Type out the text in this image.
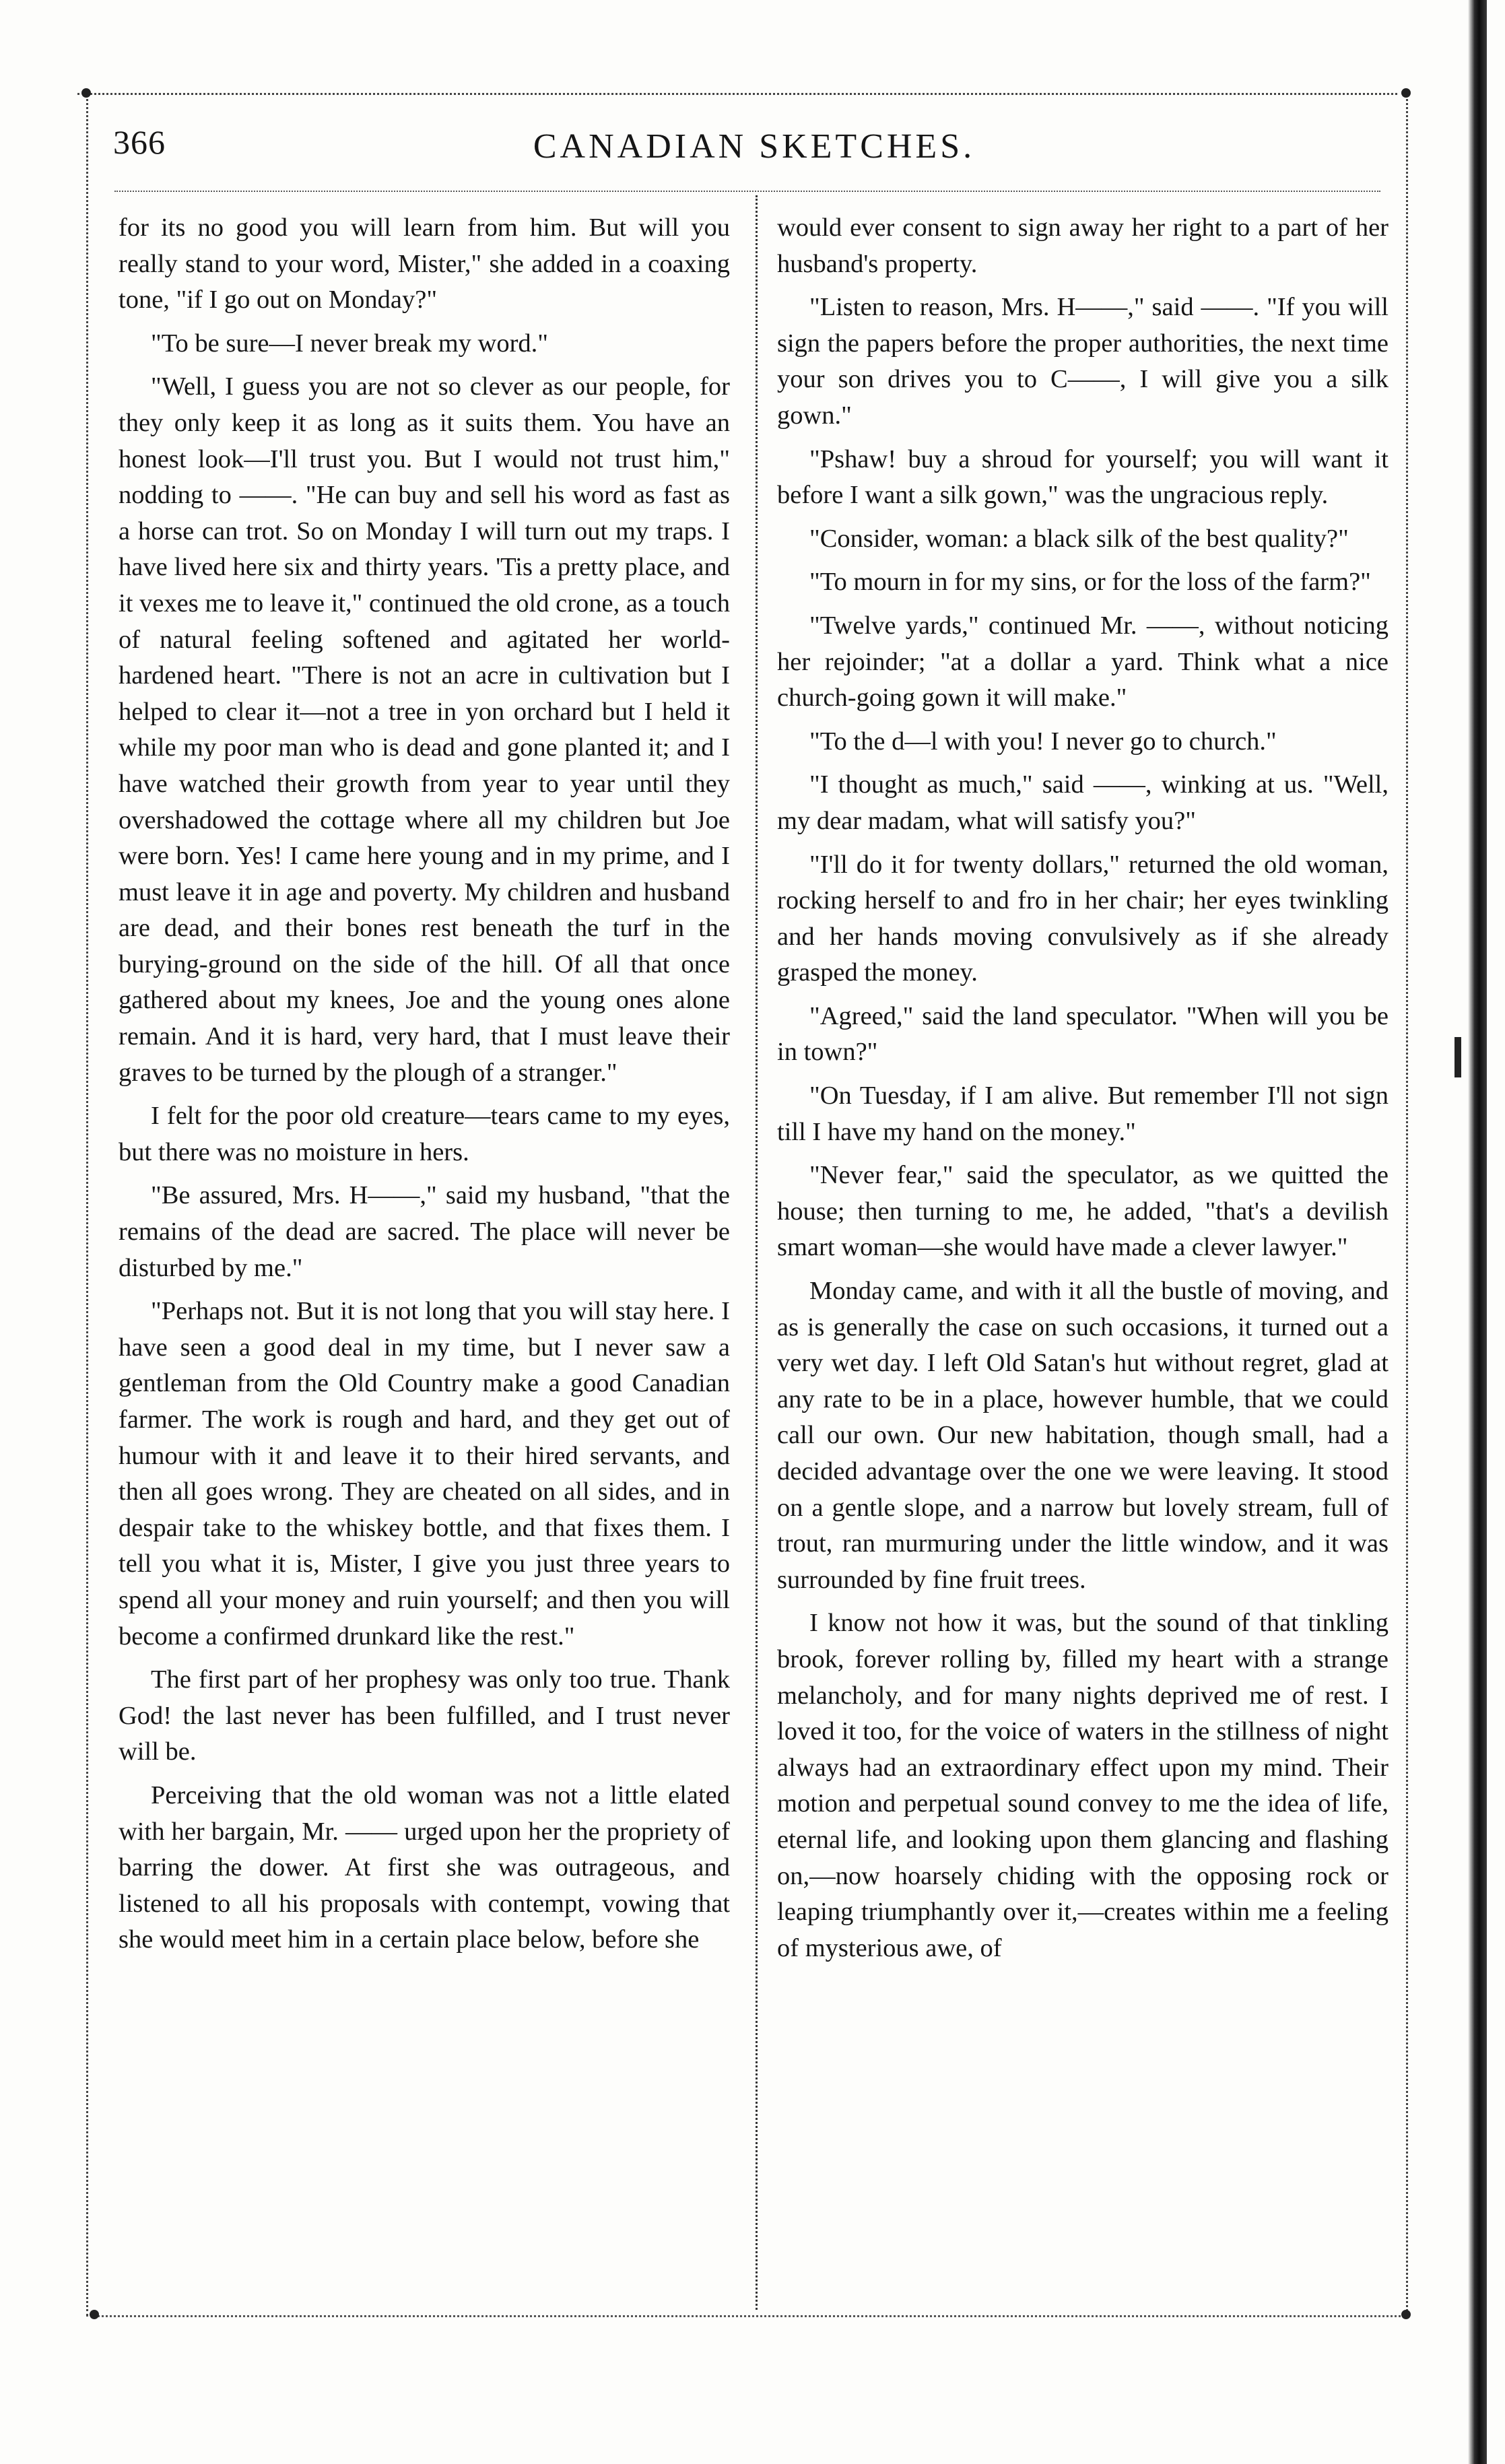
366	CANADIAN SKETCHES.

for its no good you will learn from him. But will you really stand to your word, Mister," she added in a coaxing tone, "if I go out on Monday?"

"To be sure—I never break my word."

"Well, I guess you are not so clever as our people, for they only keep it as long as it suits them. You have an honest look—I'll trust you. But I would not trust him," nodding to ——. "He can buy and sell his word as fast as a horse can trot. So on Monday I will turn out my traps. I have lived here six and thirty years. 'Tis a pretty place, and it vexes me to leave it," continued the old crone, as a touch of natural feeling softened and agitated her world-hardened heart. "There is not an acre in cultivation but I helped to clear it—not a tree in yon orchard but I held it while my poor man who is dead and gone planted it; and I have watched their growth from year to year until they overshadowed the cottage where all my children but Joe were born. Yes! I came here young and in my prime, and I must leave it in age and poverty. My children and husband are dead, and their bones rest beneath the turf in the burying-ground on the side of the hill. Of all that once gathered about my knees, Joe and the young ones alone remain. And it is hard, very hard, that I must leave their graves to be turned by the plough of a stranger."

I felt for the poor old creature—tears came to my eyes, but there was no moisture in hers.

"Be assured, Mrs. H——," said my husband, "that the remains of the dead are sacred. The place will never be disturbed by me."

"Perhaps not. But it is not long that you will stay here. I have seen a good deal in my time, but I never saw a gentleman from the Old Country make a good Canadian farmer. The work is rough and hard, and they get out of humour with it and leave it to their hired servants, and then all goes wrong. They are cheated on all sides, and in despair take to the whiskey bottle, and that fixes them. I tell you what it is, Mister, I give you just three years to spend all your money and ruin yourself; and then you will become a confirmed drunkard like the rest."

The first part of her prophesy was only too true. Thank God! the last never has been fulfilled, and I trust never will be.

Perceiving that the old woman was not a little elated with her bargain, Mr. —— urged upon her the propriety of barring the dower. At first she was outrageous, and listened to all his proposals with contempt, vowing that she would meet him in a certain place below, before she

would ever consent to sign away her right to a part of her husband's property.

"Listen to reason, Mrs. H——," said ——. "If you will sign the papers before the proper authorities, the next time your son drives you to C——, I will give you a silk gown."

"Pshaw! buy a shroud for yourself; you will want it before I want a silk gown," was the ungracious reply.

"Consider, woman: a black silk of the best quality?"

"To mourn in for my sins, or for the loss of the farm?"

"Twelve yards," continued Mr. ——, without noticing her rejoinder; "at a dollar a yard. Think what a nice church-going gown it will make."

"To the d—l with you! I never go to church."

"I thought as much," said ——, winking at us. "Well, my dear madam, what will satisfy you?"

"I'll do it for twenty dollars," returned the old woman, rocking herself to and fro in her chair; her eyes twinkling and her hands moving convulsively as if she already grasped the money.

"Agreed," said the land speculator. "When will you be in town?"

"On Tuesday, if I am alive. But remember I'll not sign till I have my hand on the money."

"Never fear," said the speculator, as we quitted the house; then turning to me, he added, "that's a devilish smart woman—she would have made a clever lawyer."

Monday came, and with it all the bustle of moving, and as is generally the case on such occasions, it turned out a very wet day. I left Old Satan's hut without regret, glad at any rate to be in a place, however humble, that we could call our own. Our new habitation, though small, had a decided advantage over the one we were leaving. It stood on a gentle slope, and a narrow but lovely stream, full of trout, ran murmuring under the little window, and it was surrounded by fine fruit trees.

I know not how it was, but the sound of that tinkling brook, forever rolling by, filled my heart with a strange melancholy, and for many nights deprived me of rest. I loved it too, for the voice of waters in the stillness of night always had an extraordinary effect upon my mind. Their motion and perpetual sound convey to me the idea of life, eternal life, and looking upon them glancing and flashing on,—now hoarsely chiding with the opposing rock or leaping triumphantly over it,—creates within me a feeling of mysterious awe, of
